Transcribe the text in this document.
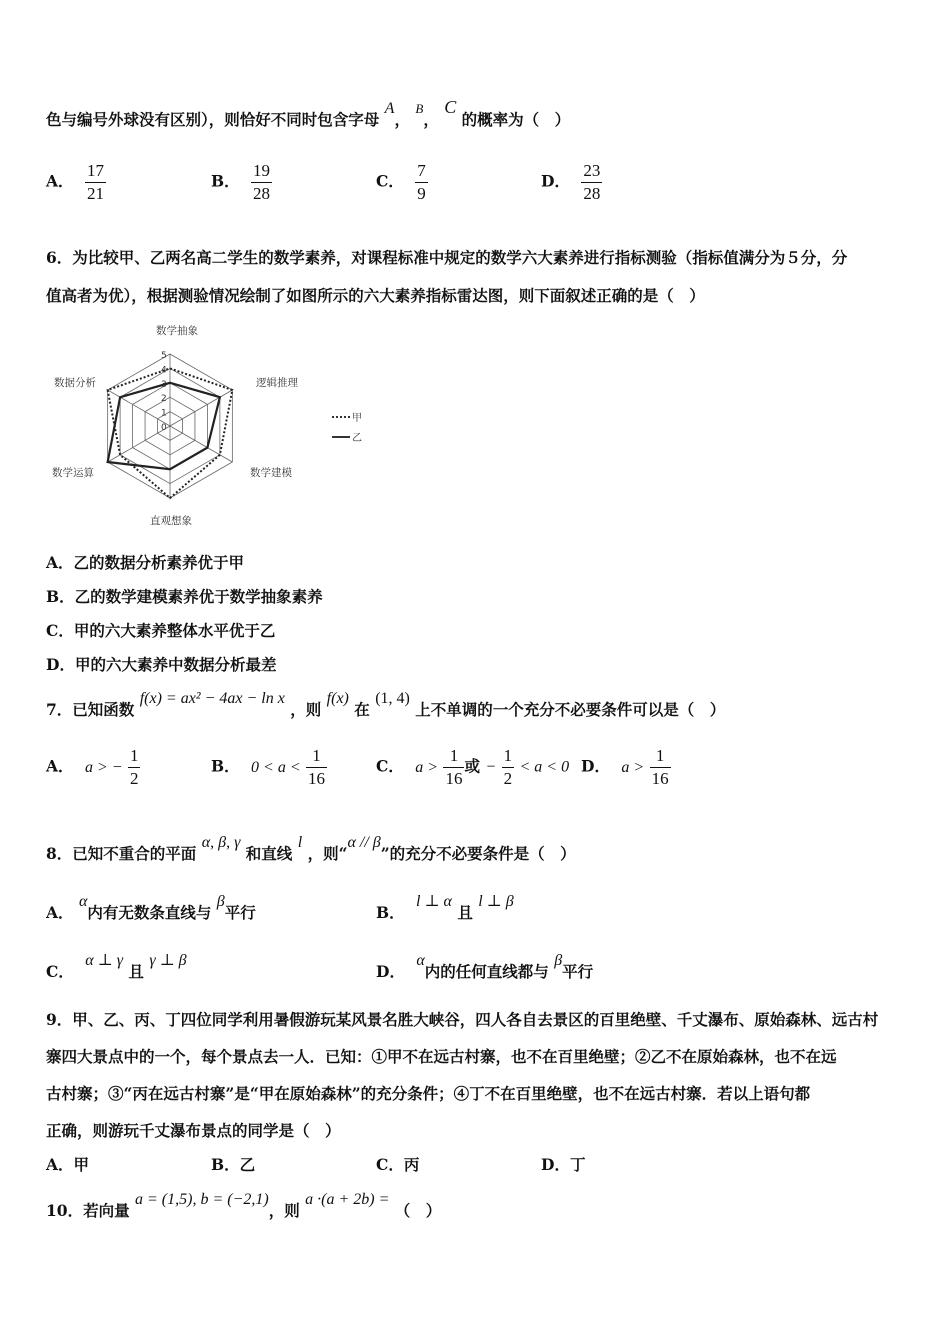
色与编号外球没有区别），则恰好不同时包含字母 A， $^B$， C 的概率为（　）
A． $\frac{17}{21}$	B． $\frac{19}{28}$	C． $\frac{7}{9}$	D． $\frac{23}{28}$
6．为比较甲、乙两名高二学生的数学素养，对课程标准中规定的数学六大素养进行指标测验（指标值满分为５分，分
值高者为优），根据测验情况绘制了如图所示的六大素养指标雷达图，则下面叙述正确的是（　）
数学抽象
逻辑推理
数学建模
直观想象
数学运算
数据分析
5
4
3
2
1
0
甲
乙
A．乙的数据分析素养优于甲
B．乙的数学建模素养优于数学抽象素养
C．甲的六大素养整体水平优于乙
D．甲的六大素养中数据分析最差
7．已知函数 f(x) = ax² − 4ax − ln x ，则 f(x) 在 (1, 4) 上不单调的一个充分不必要条件可以是（　）
A． a > − $\frac{1}{2}$	B． $0 < a < \frac{1}{16}$	C． $a > \frac{1}{16}$ 或 − $\frac{1}{2} < a < 0$ D． $a > \frac{1}{16}$
8．已知不重合的平面 α, β, γ 和直线 l ，则“α // β”的充分不必要条件是（　）
A． α内有无数条直线与 β平行	B． l ⊥ α 且 l ⊥ β
C． α ⊥ γ 且 γ ⊥ β
D． α内的任何直线都与 β平行
9．甲、乙、丙、丁四位同学利用暑假游玩某风景名胜大峡谷，四人各自去景区的百里绝壁、千丈瀑布、原始森林、远古村
寨四大景点中的一个，每个景点去一人．已知：①甲不在远古村寨，也不在百里绝壁；②乙不在原始森林，也不在远
古村寨；③“丙在远古村寨”是“甲在原始森林”的充分条件；④丁不在百里绝壁，也不在远古村寨．若以上语句都
正确，则游玩千丈瀑布景点的同学是（　）
A．甲	B．乙	C．丙	D．丁
10．若向量 a = (1,5), b = (−2,1)，则 a ·(a + 2b) = （　）
